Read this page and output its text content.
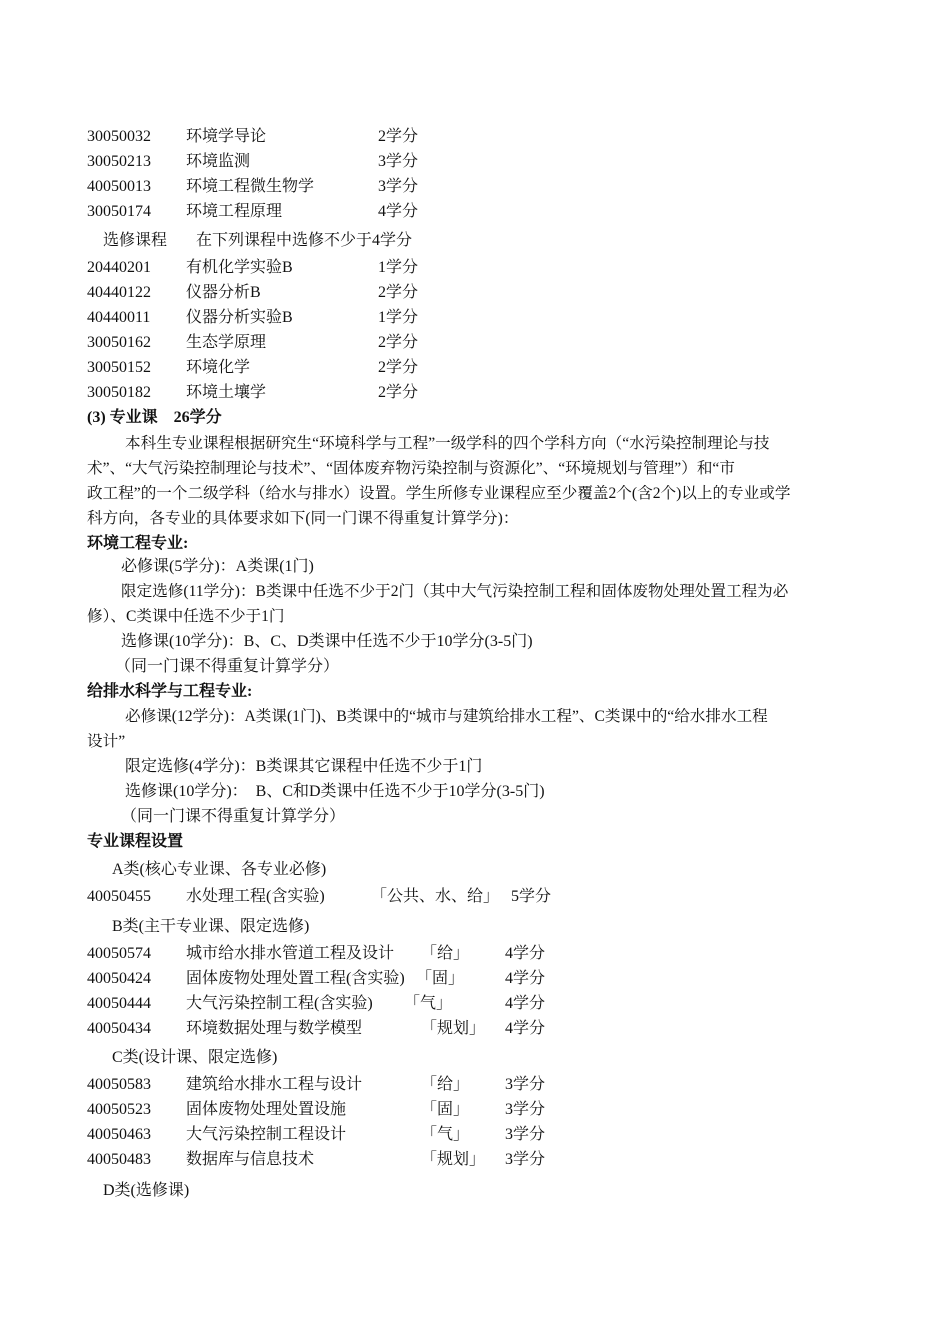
30050032 环境学导论	2学分
30050213 环境监测	3学分
40050013 环境工程微生物学	3学分
30050174 环境工程原理	4学分
选修课程 在下列课程中选修不少于4学分
20440201 有机化学实验B	1学分
40440122 仪器分析B	2学分
40440011 仪器分析实验B	1学分
30050162 生态学原理	2学分
30050152 环境化学	2学分
30050182 环境土壤学	2学分
(3) 专业课　26学分
本科生专业课程根据研究生“环境科学与工程”一级学科的四个学科方向（“水污染控制理论与技
术”、“大气污染控制理论与技术”、“固体废弃物污染控制与资源化”、“环境规划与管理”）和“市
政工程”的一个二级学科（给水与排水）设置。学生所修专业课程应至少覆盖2个(含2个)以上的专业或学
科方向，各专业的具体要求如下(同一门课不得重复计算学分)：
环境工程专业:
必修课(5学分)：A类课(1门)
限定选修(11学分)：B类课中任选不少于2门（其中大气污染控制工程和固体废物处理处置工程为必
修）、C类课中任选不少于1门
选修课(10学分)：B、C、D类课中任选不少于10学分(3-5门)
（同一门课不得重复计算学分）
给排水科学与工程专业:
必修课(12学分)：A类课(1门)、B类课中的“城市与建筑给排水工程”、C类课中的“给水排水工程
设计”
限定选修(4学分)：B类课其它课程中任选不少于1门
选修课(10学分)：　B、C和D类课中任选不少于10学分(3-5门)
（同一门课不得重复计算学分）
专业课程设置
A类(核心专业课、各专业必修)
40050455 水处理工程(含实验)	「公共、水、给」 5学分
B类(主干专业课、限定选修)
40050574 城市给水排水管道工程及设计 「给」 4学分
40050424 固体废物处理处置工程(含实验) 「固」	4学分
40050444 大气污染控制工程(含实验) 「气」	4学分
40050434 环境数据处理与数学模型	「规划」 4学分
C类(设计课、限定选修)
40050583 建筑给水排水工程与设计	「给」 3学分
40050523 固体废物处理处置设施	「固」 3学分
40050463 大气污染控制工程设计	「气」 3学分
40050483 数据库与信息技术	「规划」 3学分
D类(选修课)
